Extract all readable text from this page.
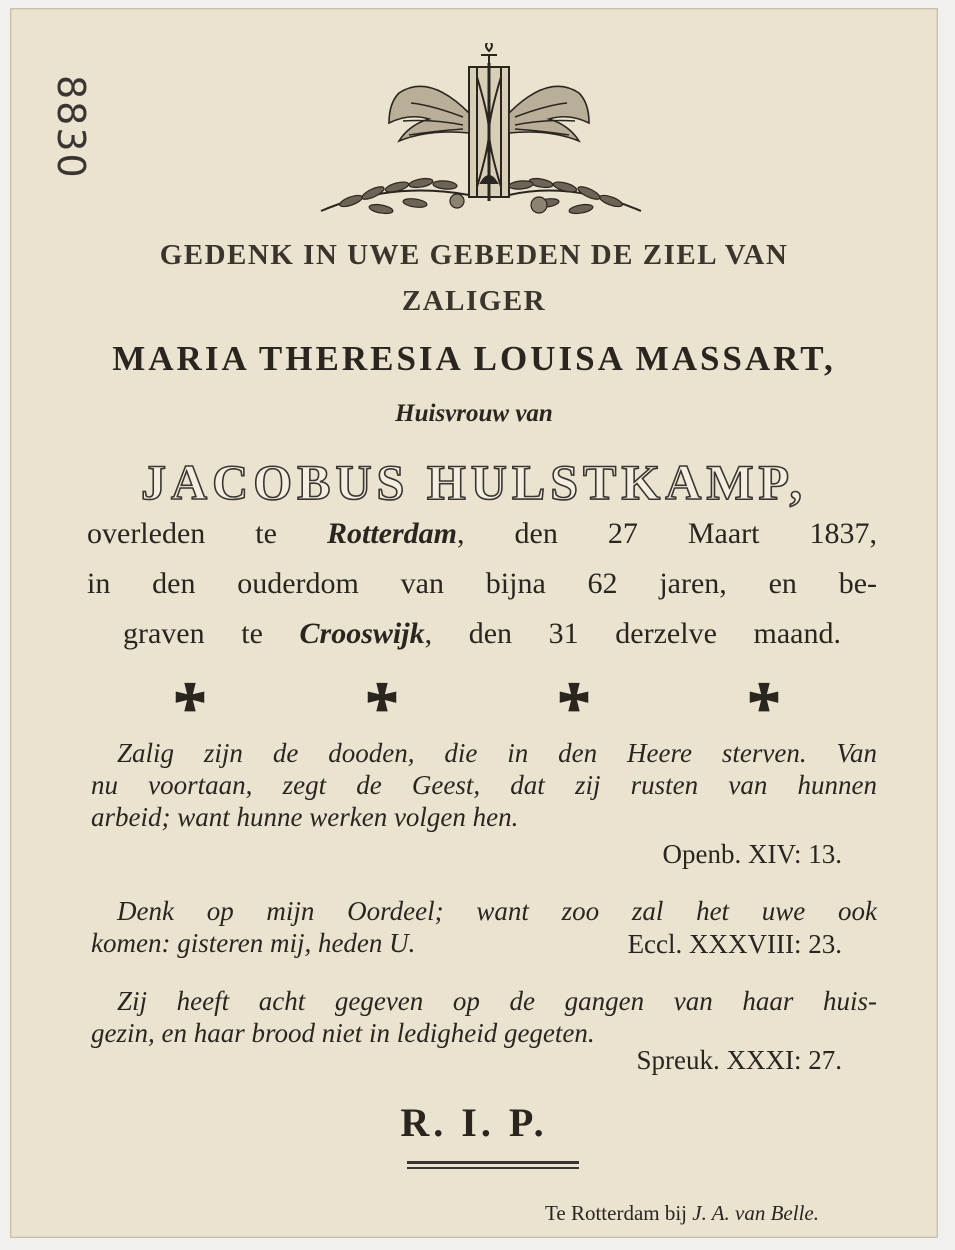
8830
GEDENK IN UWE GEBEDEN DE ZIEL VAN
ZALIGER
MARIA THERESIA LOUISA MASSART,
Huisvrouw van
JACOBUS HULSTKAMP,
overleden te Rotterdam, den 27 Maart 1837,
in den ouderdom van bijna 62 jaren, en be-
graven te Crooswijk, den 31 derzelve maand.
Zalig zijn de dooden, die in den Heere sterven. Van
nu voortaan, zegt de Geest, dat zij rusten van hunnen
arbeid; want hunne werken volgen hen.
Openb. XIV: 13.
Denk op mijn Oordeel; want zoo zal het uwe ook
komen: gisteren mij, heden U.	Eccl. XXXVIII: 23.
Zij heeft acht gegeven op de gangen van haar huis-
gezin, en haar brood niet in ledigheid gegeten.
Spreuk. XXXI: 27.
R. I. P.
Te Rotterdam bij J. A. van Belle.
